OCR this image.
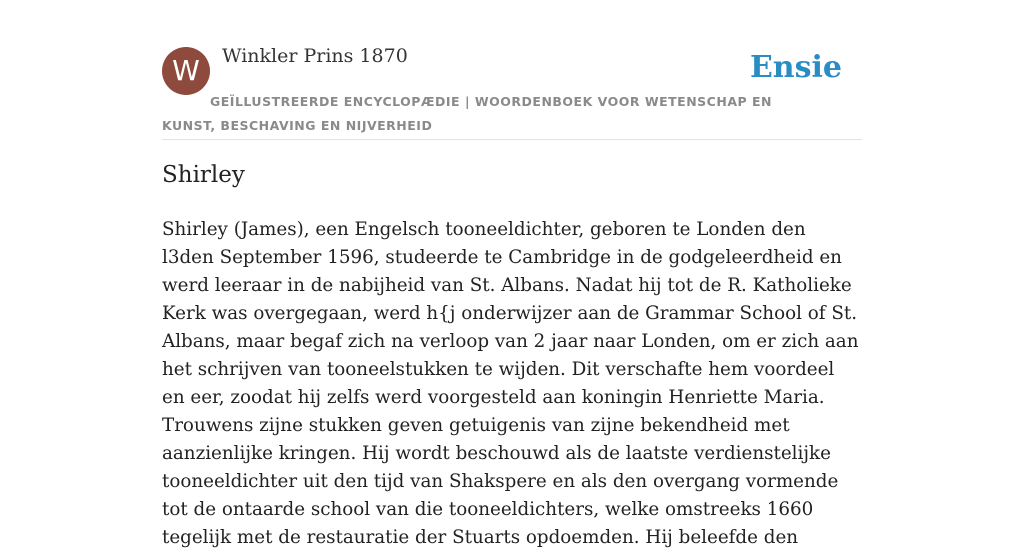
W	Winkler Prins 1870	Ensie
GEÏLLUSTREERDE ENCYCLOPÆDIE | WOORDENBOEK VOOR WETENSCHAP EN KUNST, BESCHAVING EN NIJVERHEID
Shirley

Shirley (James), een Engelsch tooneeldichter, geboren te Londen den l3den September 1596, studeerde te Cambridge in de godgeleerdheid en werd leeraar in de nabijheid van St. Albans. Nadat hij tot de R. Katholieke Kerk was overgegaan, werd h{j onderwijzer aan de Grammar School of St. Albans, maar begaf zich na verloop van 2 jaar naar Londen, om er zich aan het schrijven van tooneelstukken te wijden. Dit verschafte hem voordeel en eer, zoodat hij zelfs werd voorgesteld aan koningin Henriette Maria. Trouwens zijne stukken geven getuigenis van zijne bekendheid met aanzienlijke kringen. Hij wordt beschouwd als de laatste verdienstelijke tooneeldichter uit den tijd van Shakspere en als den overgang vormende tot de ontaarde school van die tooneeldichters, welke omstreeks 1660 tegelijk met de restauratie der Stuarts opdoemden. Hij beleefde den
